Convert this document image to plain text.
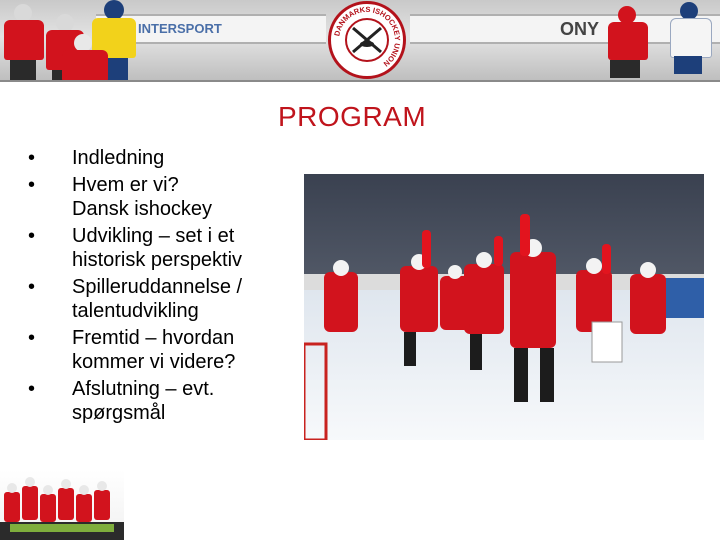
INTERSPORT	ONY
DANMARKS ISHOCKEY UNION
PROGRAM
• Indledning
• Hvem er vi?
Dansk ishockey
• Udvikling – set i et historisk perspektiv
• Spilleruddannelse / talentudvikling
• Fremtid – hvordan kommer vi videre?
• Afslutning – evt. spørgsmål
